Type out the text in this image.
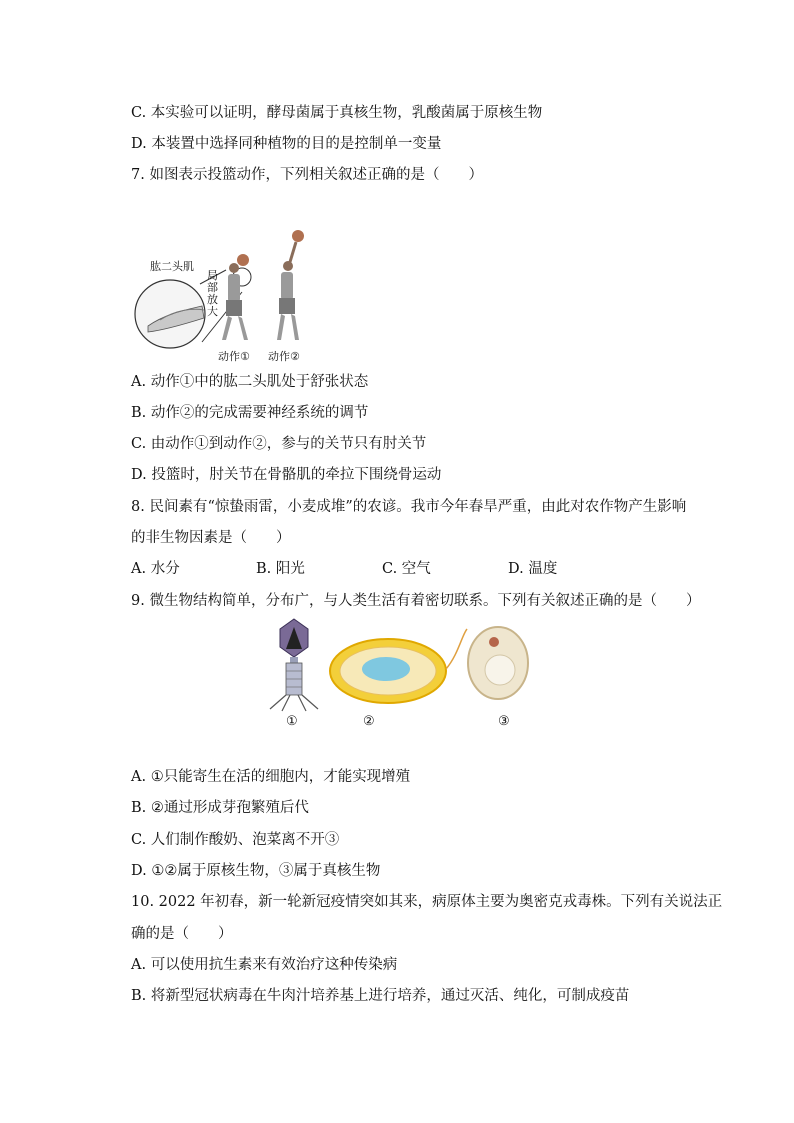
C. 本实验可以证明，酵母菌属于真核生物，乳酸菌属于原核生物
D. 本装置中选择同种植物的目的是控制单一变量
7. 如图表示投篮动作，下列相关叙述正确的是（　　）
肱二头肌
局
部
放
大
动作① 动作②
A. 动作①中的肱二头肌处于舒张状态
B. 动作②的完成需要神经系统的调节
C. 由动作①到动作②，参与的关节只有肘关节
D. 投篮时，肘关节在骨骼肌的牵拉下围绕骨运动
8. 民间素有“惊蛰雨雷，小麦成堆”的农谚。我市今年春旱严重，由此对农作物产生影响
的非生物因素是（　　）
A. 水分	B. 阳光	C. 空气	D. 温度
9. 微生物结构简单，分布广，与人类生活有着密切联系。下列有关叙述正确的是（　　）
①	②	③
A. ①只能寄生在活的细胞内，才能实现增殖
B. ②通过形成芽孢繁殖后代
C. 人们制作酸奶、泡菜离不开③
D. ①②属于原核生物，③属于真核生物
10. 2022 年初春，新一轮新冠疫情突如其来，病原体主要为奥密克戎毒株。下列有关说法正
确的是（　　）
A. 可以使用抗生素来有效治疗这种传染病
B. 将新型冠状病毒在牛肉汁培养基上进行培养，通过灭活、纯化，可制成疫苗
